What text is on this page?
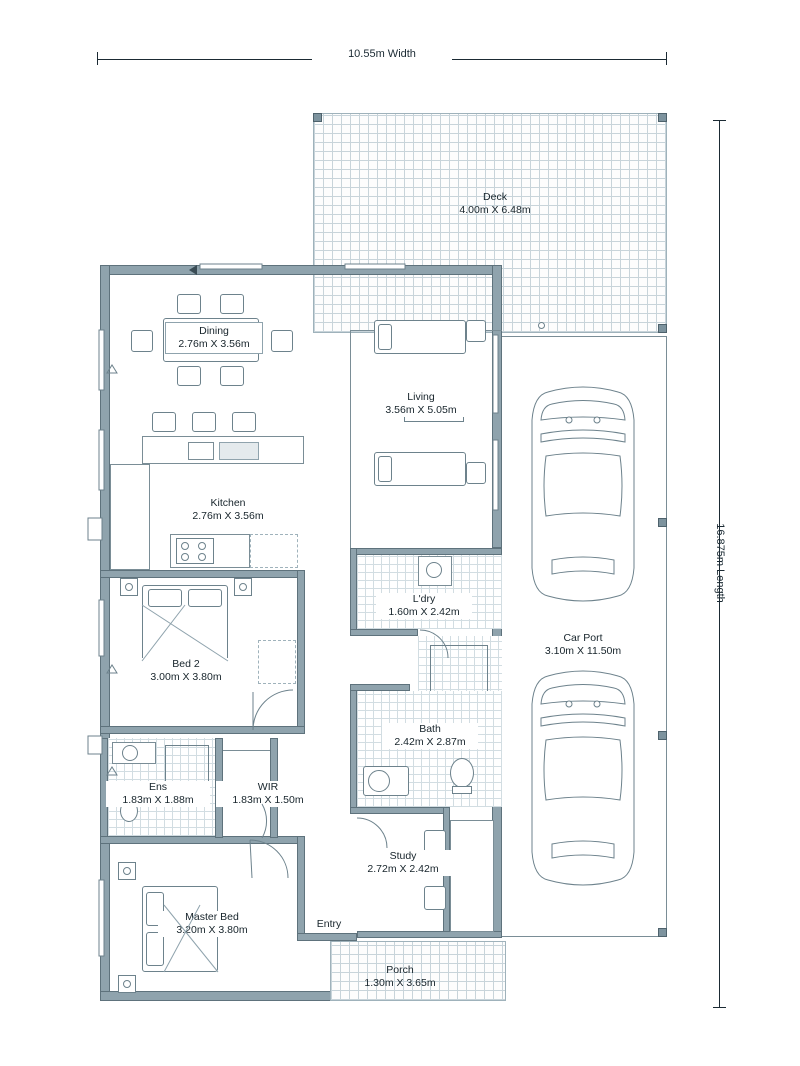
10.55m Width
16.875m Length
Deck
4.00m X 6.48m
Car Port
3.10m X 11.50m
Dining
2.76m X 3.56m
Kitchen
2.76m X 3.56m
Living
3.56m X 5.05m
Bed 2
3.00m X 3.80m
L'dry
1.60m X 2.42m
Bath
2.42m X 2.87m
Ens
1.83m X 1.88m
WIR
1.83m X 1.50m
Study
2.72m X 2.42m
Master Bed
3.20m X 3.80m	Entry
Porch
1.30m X 3.65m
